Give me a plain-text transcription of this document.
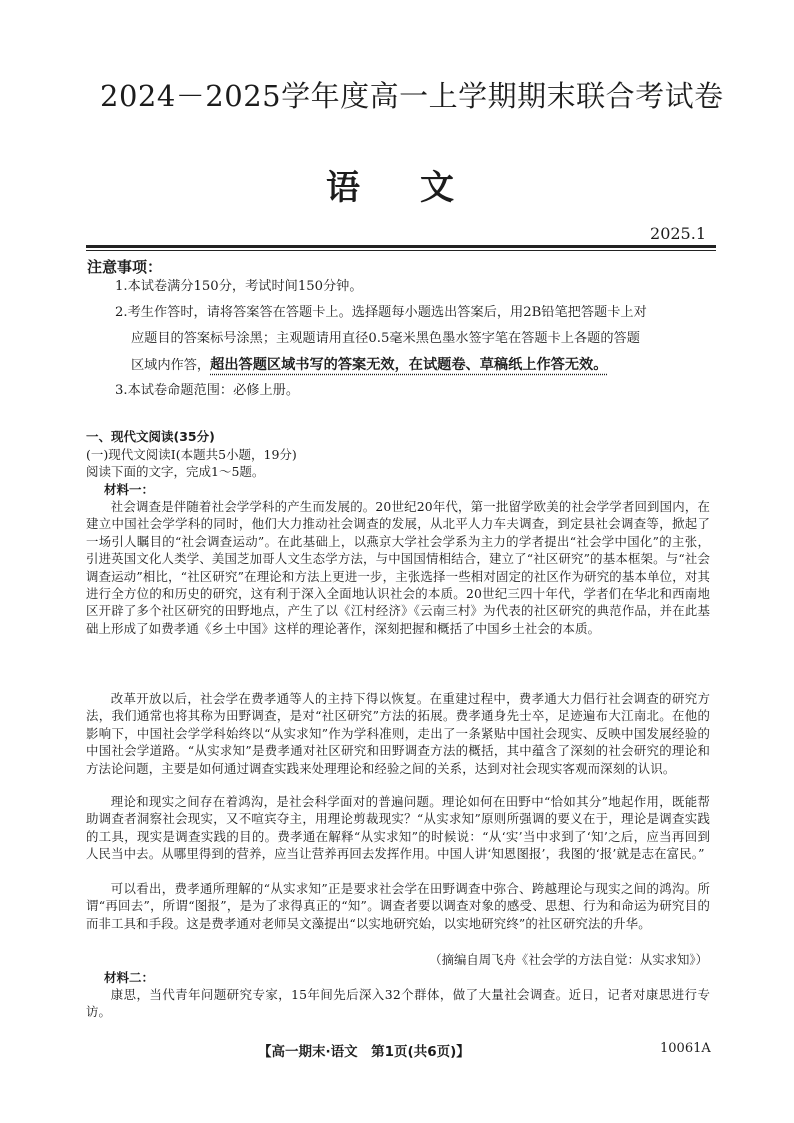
2024－2025学年度高一上学期期末联合考试卷
语文
2025.1
注意事项：
1.本试卷满分150分，考试时间150分钟。
2.考生作答时，请将答案答在答题卡上。选择题每小题选出答案后，用2B铅笔把答题卡上对
应题目的答案标号涂黑；主观题请用直径0.5毫米黑色墨水签字笔在答题卡上各题的答题
区域内作答，超出答题区域书写的答案无效，在试题卷、草稿纸上作答无效。
3.本试卷命题范围：必修上册。
一、现代文阅读(35分)
(一)现代文阅读Ⅰ(本题共5小题，19分)
阅读下面的文字，完成1～5题。
材料一：

社会调查是伴随着社会学学科的产生而发展的。20世纪20年代，第一批留学欧美的社会学学者回到国内，在建立中国社会学学科的同时，他们大力推动社会调查的发展，从北平人力车夫调查，到定县社会调查等，掀起了一场引人瞩目的“社会调查运动”。在此基础上，以燕京大学社会学系为主力的学者提出“社会学中国化”的主张，引进英国文化人类学、美国芝加哥人文生态学方法，与中国国情相结合，建立了“社区研究”的基本框架。与“社会调查运动”相比，“社区研究”在理论和方法上更进一步，主张选择一些相对固定的社区作为研究的基本单位，对其进行全方位的和历史的研究，这有利于深入全面地认识社会的本质。20世纪三四十年代，学者们在华北和西南地区开辟了多个社区研究的田野地点，产生了以《江村经济》《云南三村》为代表的社区研究的典范作品，并在此基础上形成了如费孝通《乡土中国》这样的理论著作，深刻把握和概括了中国乡土社会的本质。

改革开放以后，社会学在费孝通等人的主持下得以恢复。在重建过程中，费孝通大力倡行社会调查的研究方法，我们通常也将其称为田野调查，是对“社区研究”方法的拓展。费孝通身先士卒，足迹遍布大江南北。在他的影响下，中国社会学学科始终以“从实求知”作为学科准则，走出了一条紧贴中国社会现实、反映中国发展经验的中国社会学道路。“从实求知”是费孝通对社区研究和田野调查方法的概括，其中蕴含了深刻的社会研究的理论和方法论问题，主要是如何通过调查实践来处理理论和经验之间的关系，达到对社会现实客观而深刻的认识。

理论和现实之间存在着鸿沟，是社会科学面对的普遍问题。理论如何在田野中“恰如其分”地起作用，既能帮助调查者洞察社会现实，又不喧宾夺主，用理论剪裁现实？“从实求知”原则所强调的要义在于，理论是调查实践的工具，现实是调查实践的目的。费孝通在解释“从实求知”的时候说：“从‘实’当中求到了‘知’之后，应当再回到人民当中去。从哪里得到的营养，应当让营养再回去发挥作用。中国人讲‘知恩图报’，我图的‘报’就是志在富民。”

可以看出，费孝通所理解的“从实求知”正是要求社会学在田野调查中弥合、跨越理论与现实之间的鸿沟。所谓“再回去”，所谓“图报”，是为了求得真正的“知”。调查者要以调查对象的感受、思想、行为和命运为研究目的而非工具和手段。这是费孝通对老师吴文藻提出“以实地研究始，以实地研究终”的社区研究法的升华。

（摘编自周飞舟《社会学的方法自觉：从实求知》）
材料二：

康思，当代青年问题研究专家，15年间先后深入32个群体，做了大量社会调查。近日，记者对康思进行专访。

【高一期末·语文　第1页(共6页)】	10061A
